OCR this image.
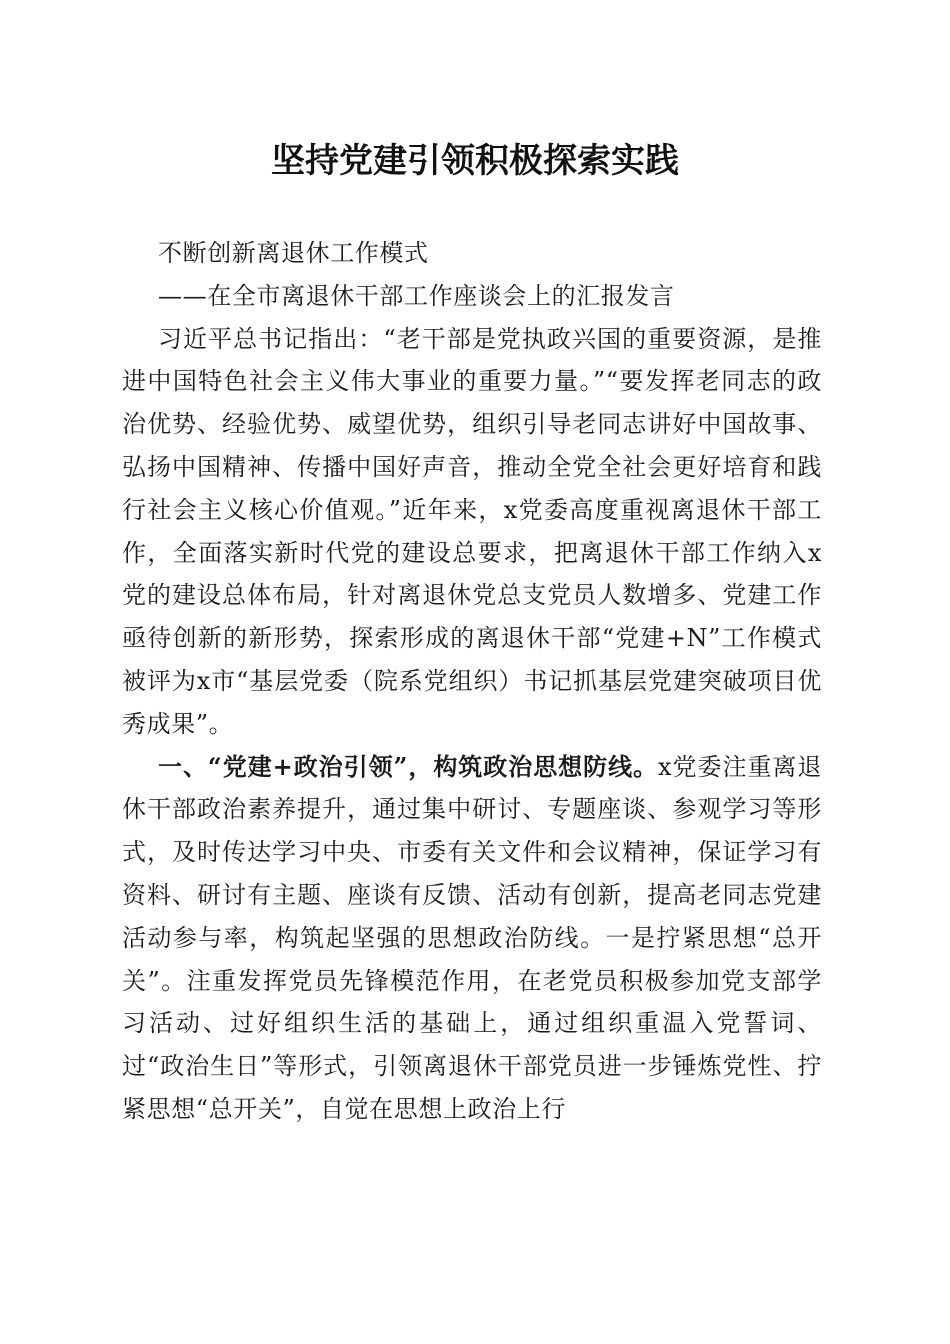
坚持党建引领积极探索实践

不断创新离退休工作模式

——在全市离退休干部工作座谈会上的汇报发言

习近平总书记指出：“老干部是党执政兴国的重要资源，是推进中国特色社会主义伟大事业的重要力量。”“要发挥老同志的政治优势、经验优势、威望优势，组织引导老同志讲好中国故事、弘扬中国精神、传播中国好声音，推动全党全社会更好培育和践行社会主义核心价值观。”近年来，x党委高度重视离退休干部工作，全面落实新时代党的建设总要求，把离退休干部工作纳入x党的建设总体布局，针对离退休党总支党员人数增多、党建工作亟待创新的新形势，探索形成的离退休干部“党建+N”工作模式被评为x市“基层党委（院系党组织）书记抓基层党建突破项目优秀成果”。

一、“党建+政治引领”，构筑政治思想防线。x党委注重离退休干部政治素养提升，通过集中研讨、专题座谈、参观学习等形式，及时传达学习中央、市委有关文件和会议精神，保证学习有资料、研讨有主题、座谈有反馈、活动有创新，提高老同志党建活动参与率，构筑起坚强的思想政治防线。一是拧紧思想“总开关”。注重发挥党员先锋模范作用，在老党员积极参加党支部学习活动、过好组织生活的基础上，通过组织重温入党誓词、过“政治生日”等形式，引领离退休干部党员进一步锤炼党性、拧紧思想“总开关”，自觉在思想上政治上行
